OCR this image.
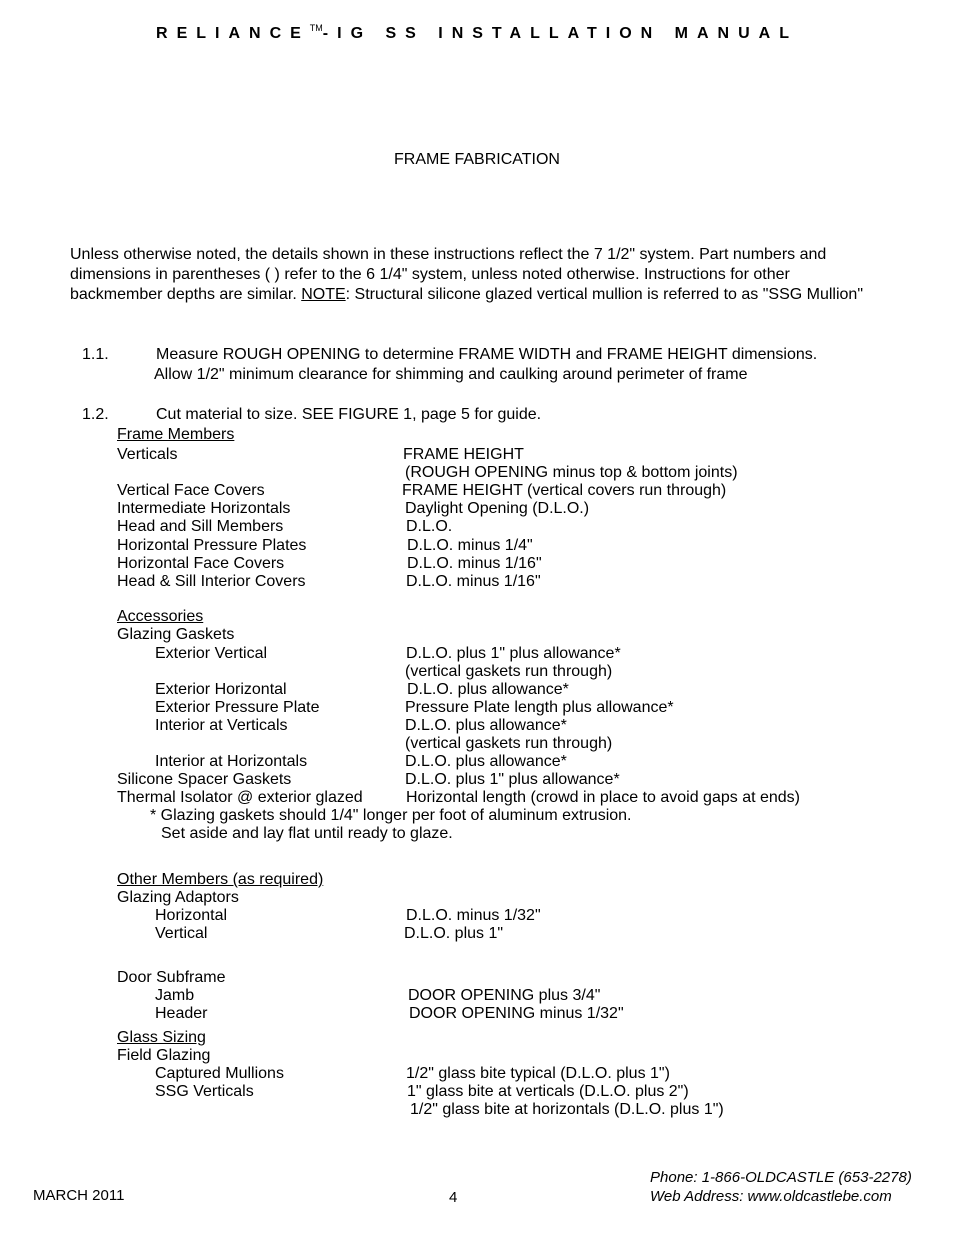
RELIANCE™-IG SS INSTALLATION MANUAL
FRAME FABRICATION
Unless otherwise noted, the details shown in these instructions reflect the 7 1/2" system. Part numbers and dimensions in parentheses ( ) refer to the 6 1/4" system, unless noted otherwise. Instructions for other backmember depths are similar. NOTE: Structural silicone glazed vertical mullion is referred to as "SSG Mullion"
1.1.	Measure ROUGH OPENING to determine FRAME WIDTH and FRAME HEIGHT dimensions.
Allow 1/2" minimum clearance for shimming and caulking around perimeter of frame
1.2.	Cut material to size. SEE FIGURE 1, page 5 for guide.
Frame Members
Verticals	FRAME HEIGHT
(ROUGH OPENING minus top & bottom joints)
Vertical Face Covers	FRAME HEIGHT (vertical covers run through)
Intermediate Horizontals	Daylight Opening (D.L.O.)
Head and Sill Members	D.L.O.
Horizontal Pressure Plates	D.L.O. minus 1/4"
Horizontal Face Covers	D.L.O. minus 1/16"
Head & Sill Interior Covers	D.L.O. minus 1/16"
Accessories
Glazing Gaskets
Exterior Vertical	D.L.O. plus 1" plus allowance*
(vertical gaskets run through)
Exterior Horizontal	D.L.O. plus allowance*
Exterior Pressure Plate	Pressure Plate length plus allowance*
Interior at Verticals	D.L.O. plus allowance*
(vertical gaskets run through)
Interior at Horizontals	D.L.O. plus allowance*
Silicone Spacer Gaskets	D.L.O. plus 1" plus allowance*
Thermal Isolator @ exterior glazed	Horizontal length (crowd in place to avoid gaps at ends)
* Glazing gaskets should 1/4" longer per foot of aluminum extrusion.
Set aside and lay flat until ready to glaze.
Other Members (as required)
Glazing Adaptors
Horizontal	D.L.O. minus 1/32"
Vertical	D.L.O. plus 1"
Door Subframe
Jamb	DOOR OPENING plus 3/4"
Header	DOOR OPENING minus 1/32"
Glass Sizing
Field Glazing
Captured Mullions	1/2" glass bite typical (D.L.O. plus 1")
SSG Verticals	1" glass bite at verticals (D.L.O. plus 2")
1/2" glass bite at horizontals (D.L.O. plus 1")
MARCH 2011	4
Phone: 1-866-OLDCASTLE (653-2278)
Web Address: www.oldcastlebe.com
